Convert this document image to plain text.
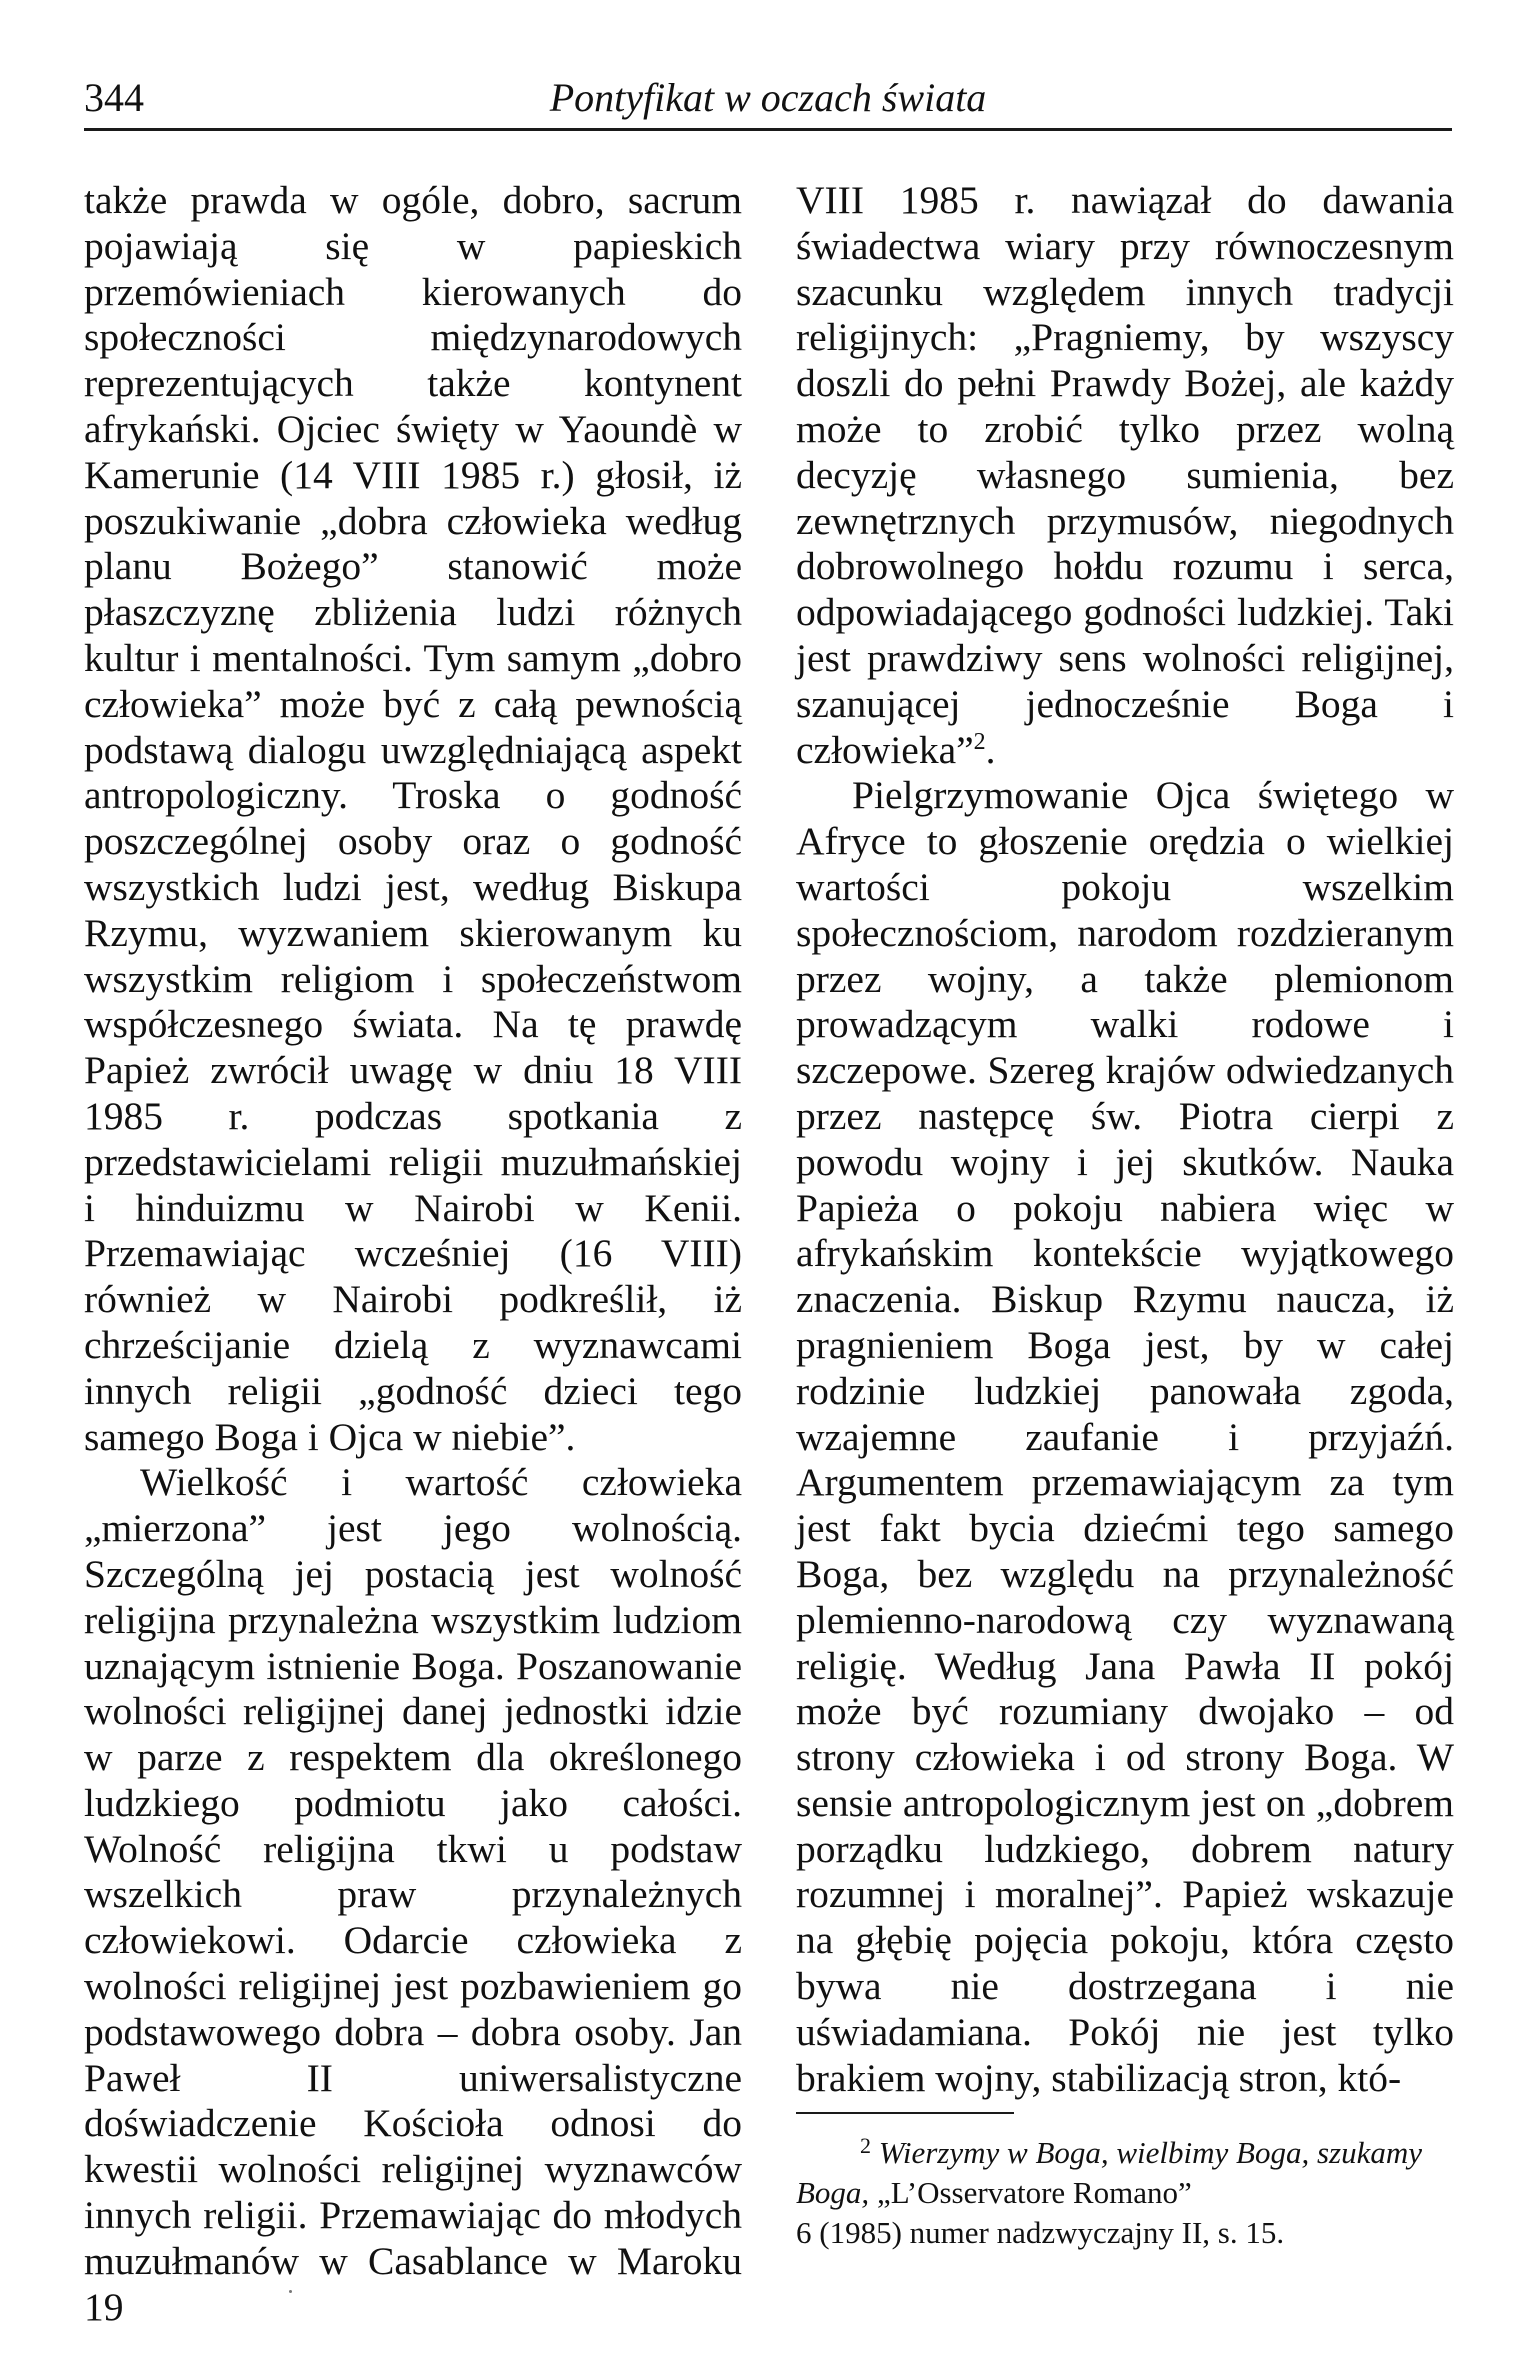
344	Pontyfikat w oczach świata

także prawda w ogóle, dobro, sacrum pojawiają się w papieskich przemówieniach kierowanych do społeczności międzynarodowych reprezentujących także kontynent afrykański. Ojciec święty w Yaoundè w Kamerunie (14 VIII 1985 r.) głosił, iż poszukiwanie „dobra człowieka według planu Bożego” stanowić może płaszczyznę zbliżenia ludzi różnych kultur i mentalności. Tym samym „dobro człowieka” może być z całą pewnością podstawą dialogu uwzględniającą aspekt antropologiczny. Troska o godność poszczególnej osoby oraz o godność wszystkich ludzi jest, według Biskupa Rzymu, wyzwaniem skierowanym ku wszystkim religiom i społeczeństwom współczesnego świata. Na tę prawdę Papież zwrócił uwagę w dniu 18 VIII 1985 r. podczas spotkania z przedstawicielami religii muzułmańskiej i hinduizmu w Nairobi w Kenii. Przemawiając wcześniej (16 VIII) również w Nairobi podkreślił, iż chrześcijanie dzielą z wyznawcami innych religii „godność dzieci tego samego Boga i Ojca w niebie”.

Wielkość i wartość człowieka „mierzona” jest jego wolnością. Szczególną jej postacią jest wolność religijna przynależna wszystkim ludziom uznającym istnienie Boga. Poszanowanie wolności religijnej danej jednostki idzie w parze z respektem dla określonego ludzkiego podmiotu jako całości. Wolność religijna tkwi u podstaw wszelkich praw przynależnych człowiekowi. Odarcie człowieka z wolności religijnej jest pozbawieniem go podstawowego dobra – dobra osoby. Jan Paweł II uniwersalistyczne doświadczenie Kościoła odnosi do kwestii wolności religijnej wyznawców innych religii. Przemawiając do młodych muzułmanów w Casablance w Maroku 19

VIII 1985 r. nawiązał do dawania świadectwa wiary przy równoczesnym szacunku względem innych tradycji religijnych: „Pragniemy, by wszyscy doszli do pełni Prawdy Bożej, ale każdy może to zrobić tylko przez wolną decyzję własnego sumienia, bez zewnętrznych przymusów, niegodnych dobrowolnego hołdu rozumu i serca, odpowiadającego godności ludzkiej. Taki jest prawdziwy sens wolności religijnej, szanującej jednocześnie Boga i człowieka”$^2$.

Pielgrzymowanie Ojca świętego w Afryce to głoszenie orędzia o wielkiej wartości pokoju wszelkim społecznościom, narodom rozdzieranym przez wojny, a także plemionom prowadzącym walki rodowe i szczepowe. Szereg krajów odwiedzanych przez następcę św. Piotra cierpi z powodu wojny i jej skutków. Nauka Papieża o pokoju nabiera więc w afrykańskim kontekście wyjątkowego znaczenia. Biskup Rzymu naucza, iż pragnieniem Boga jest, by w całej rodzinie ludzkiej panowała zgoda, wzajemne zaufanie i przyjaźń. Argumentem przemawiającym za tym jest fakt bycia dziećmi tego samego Boga, bez względu na przynależność plemienno-narodową czy wyznawaną religię. Według Jana Pawła II pokój może być rozumiany dwojako – od strony człowieka i od strony Boga. W sensie antropologicznym jest on „dobrem porządku ludzkiego, dobrem natury rozumnej i moralnej”. Papież wskazuje na głębię pojęcia pokoju, która często bywa nie dostrzegana i nie uświadamiana. Pokój nie jest tylko brakiem wojny, stabilizacją stron, któ-

$^2$ Wierzymy w Boga, wielbimy Boga, szukamy Boga, „L’Osservatore Romano”
6 (1985) numer nadzwyczajny II, s. 15.
